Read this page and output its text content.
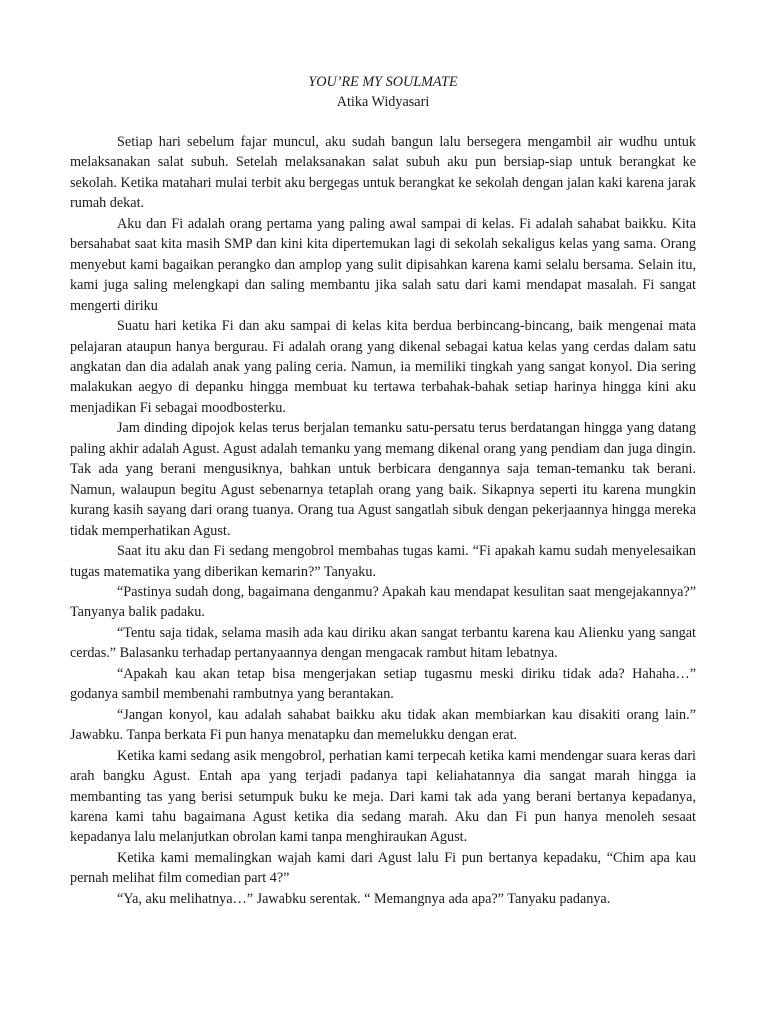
YOU’RE MY SOULMATE
Atika Widyasari

Setiap hari sebelum fajar muncul, aku sudah bangun lalu bersegera mengambil air wudhu untuk melaksanakan salat subuh. Setelah melaksanakan salat subuh aku pun bersiap-siap untuk berangkat ke sekolah. Ketika matahari mulai terbit aku bergegas untuk berangkat ke sekolah dengan jalan kaki karena jarak rumah dekat.

Aku dan Fi adalah orang pertama yang paling awal sampai di kelas. Fi adalah sahabat baikku. Kita bersahabat saat kita masih SMP dan kini kita dipertemukan lagi di sekolah sekaligus kelas yang sama. Orang menyebut kami bagaikan perangko dan amplop yang sulit dipisahkan karena kami selalu bersama. Selain itu, kami juga saling melengkapi dan saling membantu jika salah satu dari kami mendapat masalah. Fi sangat mengerti diriku

Suatu hari ketika Fi dan aku sampai di kelas kita berdua berbincang-bincang, baik mengenai mata pelajaran ataupun hanya bergurau. Fi adalah orang yang dikenal sebagai katua kelas yang cerdas dalam satu angkatan dan dia adalah anak yang paling ceria. Namun, ia memiliki tingkah yang sangat konyol. Dia sering malakukan aegyo di depanku hingga membuat ku tertawa terbahak-bahak setiap harinya hingga kini aku menjadikan Fi sebagai moodbosterku.

Jam dinding dipojok kelas terus berjalan temanku satu-persatu terus berdatangan hingga yang datang paling akhir adalah Agust. Agust adalah temanku yang memang dikenal orang yang pendiam dan juga dingin. Tak ada yang berani mengusiknya, bahkan untuk berbicara dengannya saja teman-temanku tak berani. Namun, walaupun begitu Agust sebenarnya tetaplah orang yang baik. Sikapnya seperti itu karena mungkin kurang kasih sayang dari orang tuanya. Orang tua Agust sangatlah sibuk dengan pekerjaannya hingga mereka tidak memperhatikan Agust.

Saat itu aku dan Fi sedang mengobrol membahas tugas kami. “Fi apakah kamu sudah menyelesaikan tugas matematika yang diberikan kemarin?” Tanyaku.

“Pastinya sudah dong, bagaimana denganmu? Apakah kau mendapat kesulitan saat mengejakannya?” Tanyanya balik padaku.

“Tentu saja tidak, selama masih ada kau diriku akan sangat terbantu karena kau Alienku yang sangat cerdas.” Balasanku terhadap pertanyaannya dengan mengacak rambut hitam lebatnya.

“Apakah kau akan tetap bisa mengerjakan setiap tugasmu meski diriku tidak ada? Hahaha…” godanya sambil membenahi rambutnya yang berantakan.

“Jangan konyol, kau adalah sahabat baikku aku tidak akan membiarkan kau disakiti orang lain.” Jawabku. Tanpa berkata Fi pun hanya menatapku dan memelukku dengan erat.

Ketika kami sedang asik mengobrol, perhatian kami terpecah ketika kami mendengar suara keras dari arah bangku Agust. Entah apa yang terjadi padanya tapi keliahatannya dia sangat marah hingga ia membanting tas yang berisi setumpuk buku ke meja. Dari kami tak ada yang berani bertanya kepadanya, karena kami tahu bagaimana Agust ketika dia sedang marah. Aku dan Fi pun hanya menoleh sesaat kepadanya lalu melanjutkan obrolan kami tanpa menghiraukan Agust.

Ketika kami memalingkan wajah kami dari Agust lalu Fi pun bertanya kepadaku, “Chim apa kau pernah melihat film comedian part 4?”

“Ya, aku melihatnya…” Jawabku serentak. “ Memangnya ada apa?” Tanyaku padanya.
